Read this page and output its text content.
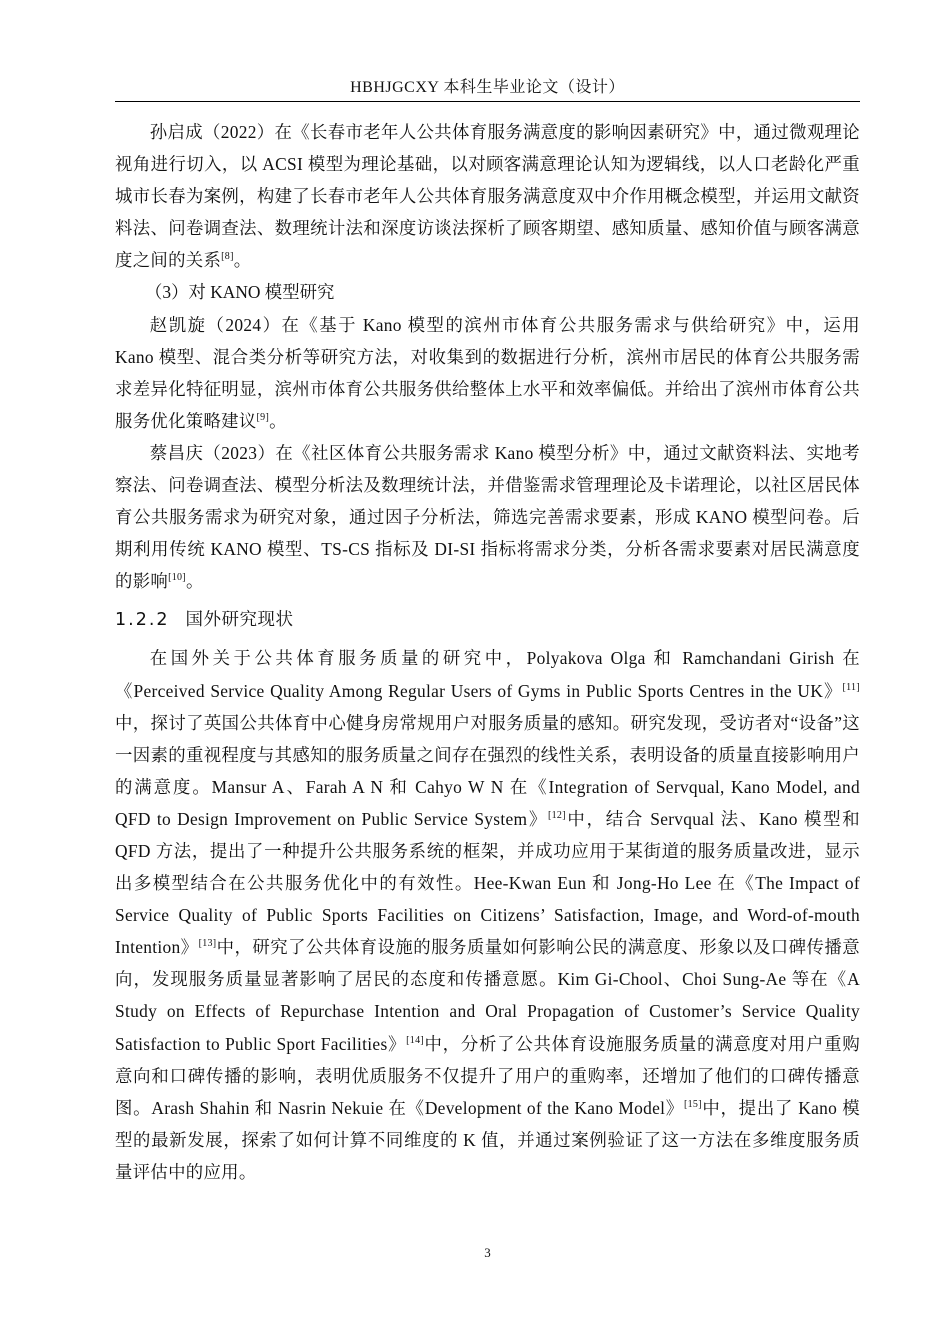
HBHJGCXY 本科生毕业论文（设计）

孙启成（2022）在《长春市老年人公共体育服务满意度的影响因素研究》中，通过微观理论视角进行切入，以 ACSI 模型为理论基础，以对顾客满意理论认知为逻辑线，以人口老龄化严重城市长春为案例，构建了长春市老年人公共体育服务满意度双中介作用概念模型，并运用文献资料法、问卷调查法、数理统计法和深度访谈法探析了顾客期望、感知质量、感知价值与顾客满意度之间的关系[8]。

（3）对 KANO 模型研究

赵凯旋（2024）在《基于 Kano 模型的滨州市体育公共服务需求与供给研究》中，运用 Kano 模型、混合类分析等研究方法，对收集到的数据进行分析，滨州市居民的体育公共服务需求差异化特征明显，滨州市体育公共服务供给整体上水平和效率偏低。并给出了滨州市体育公共服务优化策略建议[9]。

蔡昌庆（2023）在《社区体育公共服务需求 Kano 模型分析》中，通过文献资料法、实地考察法、问卷调查法、模型分析法及数理统计法，并借鉴需求管理理论及卡诺理论，以社区居民体育公共服务需求为研究对象，通过因子分析法，筛选完善需求要素，形成 KANO 模型问卷。后期利用传统 KANO 模型、TS-CS 指标及 DI-SI 指标将需求分类，分析各需求要素对居民满意度的影响[10]。

1.2.2 国外研究现状

在国外关于公共体育服务质量的研究中，Polyakova Olga 和 Ramchandani Girish 在《Perceived Service Quality Among Regular Users of Gyms in Public Sports Centres in the UK》[11]中，探讨了英国公共体育中心健身房常规用户对服务质量的感知。研究发现，受访者对“设备”这一因素的重视程度与其感知的服务质量之间存在强烈的线性关系，表明设备的质量直接影响用户的满意度。Mansur A、Farah A N 和 Cahyo W N 在《Integration of Servqual, Kano Model, and QFD to Design Improvement on Public Service System》[12]中，结合 Servqual 法、Kano 模型和 QFD 方法，提出了一种提升公共服务系统的框架，并成功应用于某街道的服务质量改进，显示出多模型结合在公共服务优化中的有效性。Hee-Kwan Eun 和 Jong-Ho Lee 在《The Impact of Service Quality of Public Sports Facilities on Citizens’ Satisfaction, Image, and Word-of-mouth Intention》[13]中，研究了公共体育设施的服务质量如何影响公民的满意度、形象以及口碑传播意向，发现服务质量显著影响了居民的态度和传播意愿。Kim Gi-Chool、Choi Sung-Ae 等在《A Study on Effects of Repurchase Intention and Oral Propagation of Customer’s Service Quality Satisfaction to Public Sport Facilities》[14]中，分析了公共体育设施服务质量的满意度对用户重购意向和口碑传播的影响，表明优质服务不仅提升了用户的重购率，还增加了他们的口碑传播意图。Arash Shahin 和 Nasrin Nekuie 在《Development of the Kano Model》[15]中，提出了 Kano 模型的最新发展，探索了如何计算不同维度的 K 值，并通过案例验证了这一方法在多维度服务质量评估中的应用。

3
